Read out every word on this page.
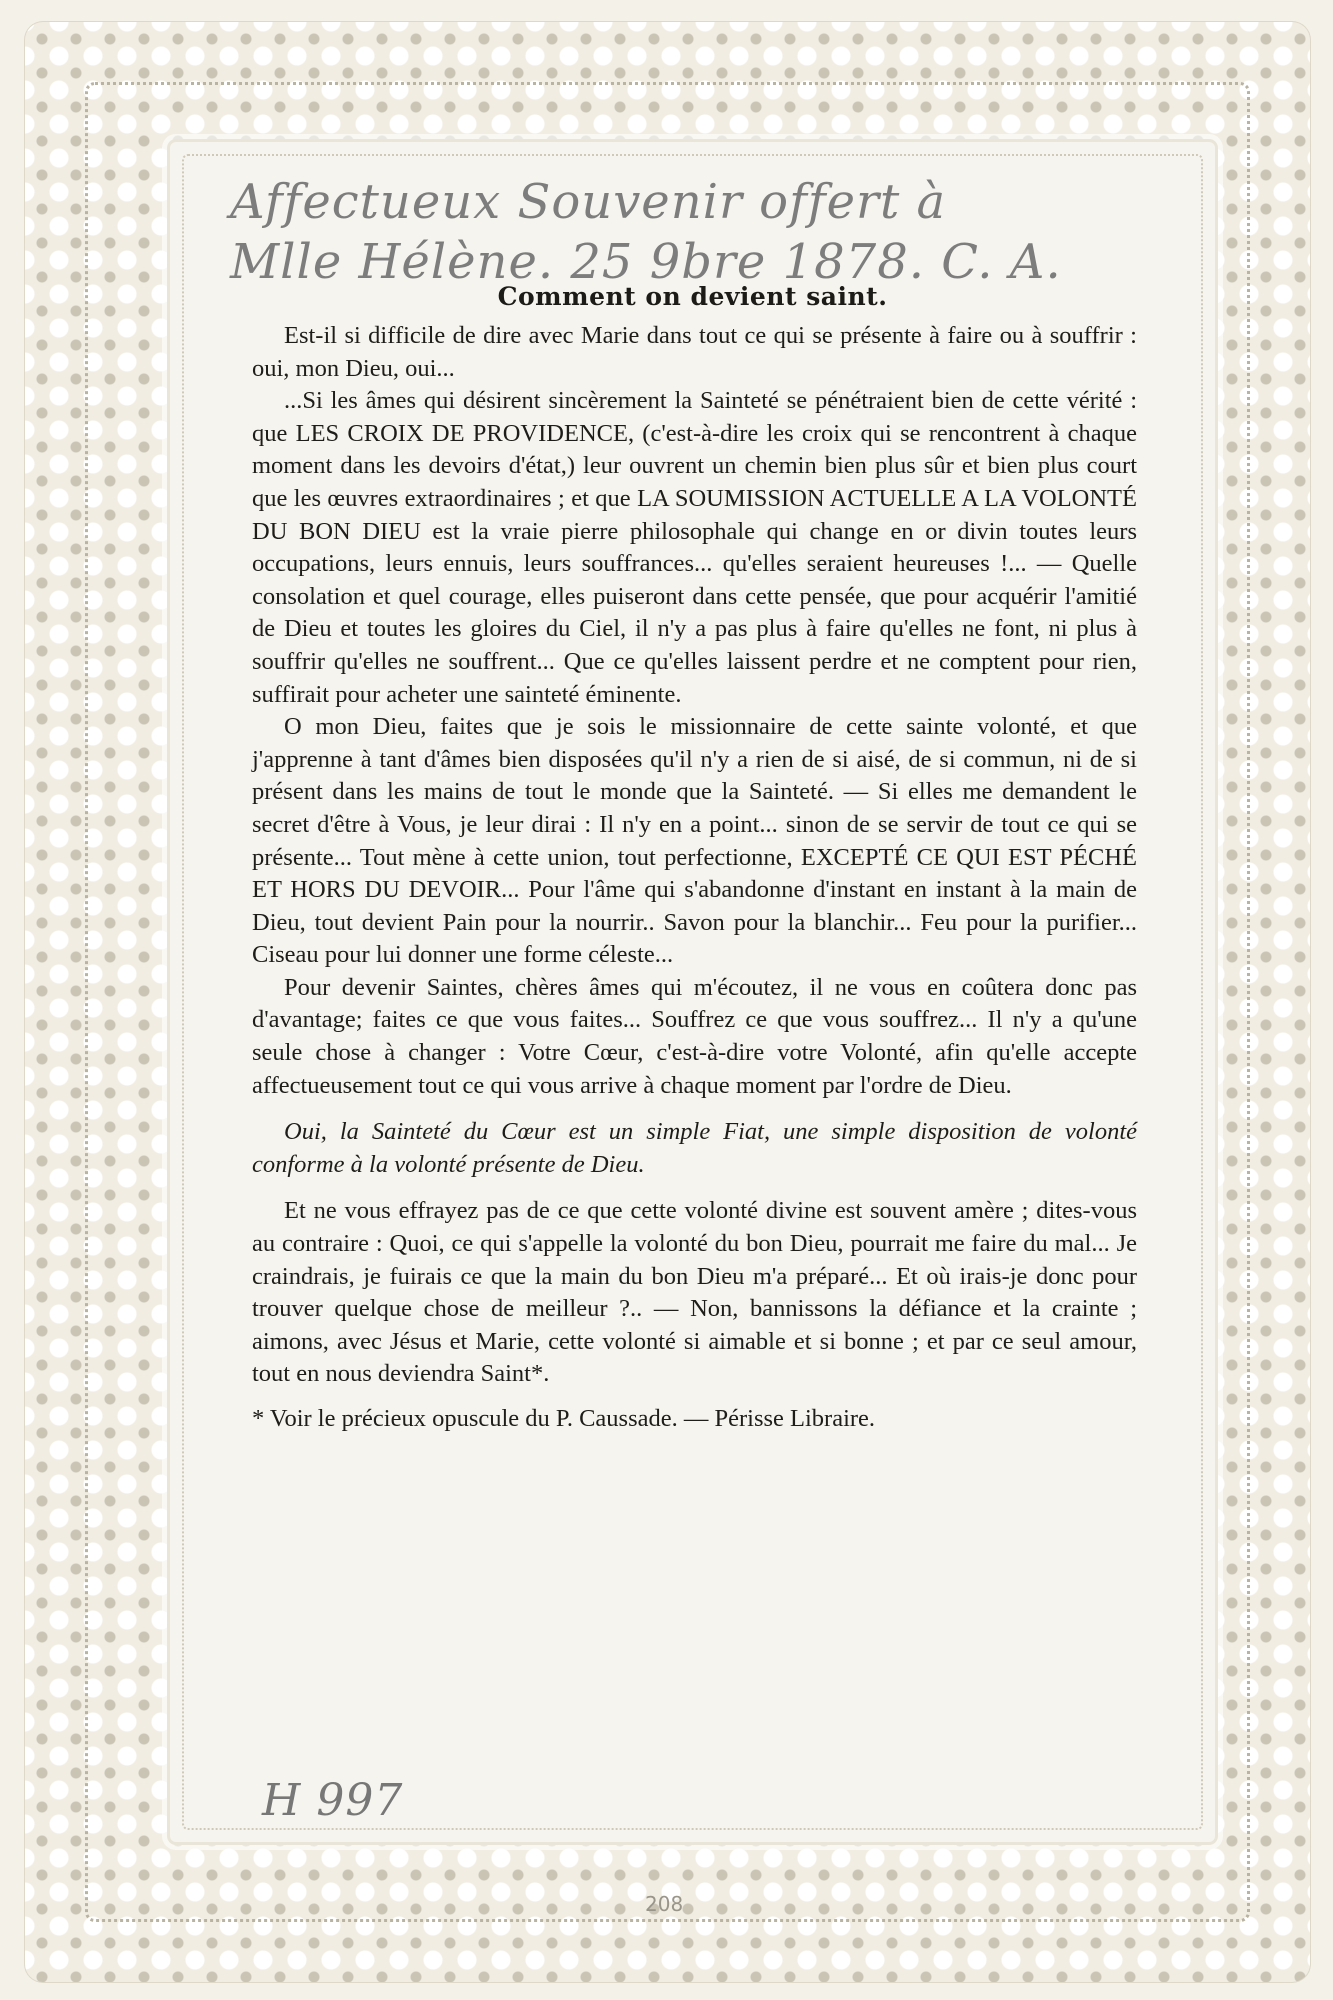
Affectueux Souvenir offert à
Mlle Hélène. 25 9bre 1878. C. A.
Comment on devient saint.

Est-il si difficile de dire avec Marie dans tout ce qui se présente à faire ou à souffrir : oui, mon Dieu, oui...

...Si les âmes qui désirent sincèrement la Sainteté se pénétraient bien de cette vérité : que LES CROIX DE PROVIDENCE, (c'est-à-dire les croix qui se rencontrent à chaque moment dans les devoirs d'état,) leur ouvrent un chemin bien plus sûr et bien plus court que les œuvres extraordinaires ; et que LA SOUMISSION ACTUELLE A LA VOLONTÉ DU BON DIEU est la vraie pierre philosophale qui change en or divin toutes leurs occupations, leurs ennuis, leurs souffrances... qu'elles seraient heureuses !... — Quelle consolation et quel courage, elles puiseront dans cette pensée, que pour acquérir l'amitié de Dieu et toutes les gloires du Ciel, il n'y a pas plus à faire qu'elles ne font, ni plus à souffrir qu'elles ne souffrent... Que ce qu'elles laissent perdre et ne comptent pour rien, suffirait pour acheter une sainteté éminente.

O mon Dieu, faites que je sois le missionnaire de cette sainte volonté, et que j'apprenne à tant d'âmes bien disposées qu'il n'y a rien de si aisé, de si commun, ni de si présent dans les mains de tout le monde que la Sainteté. — Si elles me demandent le secret d'être à Vous, je leur dirai : Il n'y en a point... sinon de se servir de tout ce qui se présente... Tout mène à cette union, tout perfectionne, EXCEPTÉ CE QUI EST PÉCHÉ ET HORS DU DEVOIR... Pour l'âme qui s'abandonne d'instant en instant à la main de Dieu, tout devient Pain pour la nourrir.. Savon pour la blanchir... Feu pour la purifier... Ciseau pour lui donner une forme céleste...

Pour devenir Saintes, chères âmes qui m'écoutez, il ne vous en coûtera donc pas d'avantage; faites ce que vous faites... Souffrez ce que vous souffrez... Il n'y a qu'une seule chose à changer : Votre Cœur, c'est-à-dire votre Volonté, afin qu'elle accepte affectueusement tout ce qui vous arrive à chaque moment par l'ordre de Dieu.

Oui, la Sainteté du Cœur est un simple Fiat, une simple disposition de volonté conforme à la volonté présente de Dieu.

Et ne vous effrayez pas de ce que cette volonté divine est souvent amère ; dites-vous au contraire : Quoi, ce qui s'appelle la volonté du bon Dieu, pourrait me faire du mal... Je craindrais, je fuirais ce que la main du bon Dieu m'a préparé... Et où irais-je donc pour trouver quelque chose de meilleur ?.. — Non, bannissons la défiance et la crainte ; aimons, avec Jésus et Marie, cette volonté si aimable et si bonne ; et par ce seul amour, tout en nous deviendra Saint*.

* Voir le précieux opuscule du P. Caussade. — Périsse Libraire.

H 997
208
